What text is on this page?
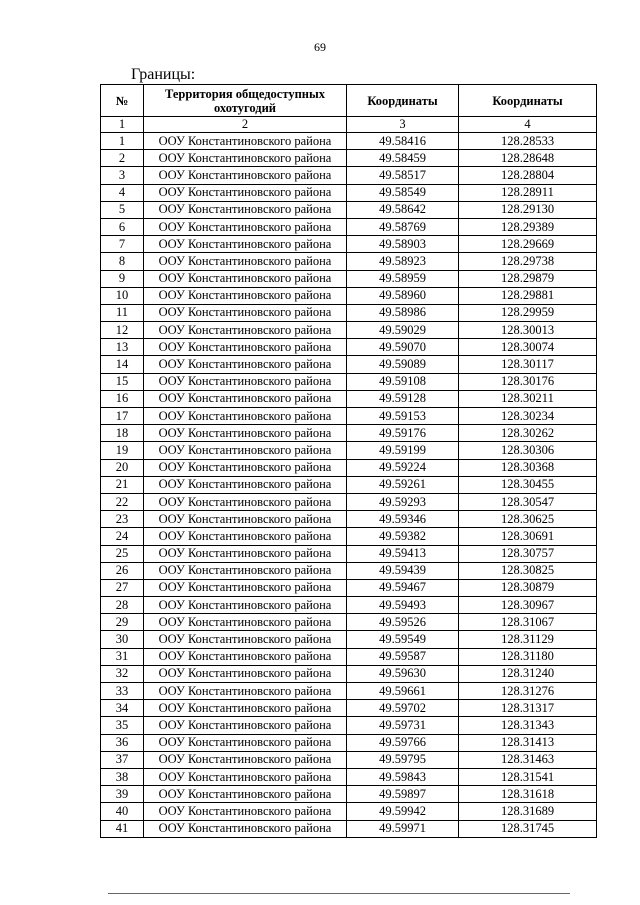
69
Границы:
№	Территория общедоступных охотугодий	Координаты	Координаты
1	2	3	4
1	ООУ Константиновского района	49.58416	128.28533
2	ООУ Константиновского района	49.58459	128.28648
3	ООУ Константиновского района	49.58517	128.28804
4	ООУ Константиновского района	49.58549	128.28911
5	ООУ Константиновского района	49.58642	128.29130
6	ООУ Константиновского района	49.58769	128.29389
7	ООУ Константиновского района	49.58903	128.29669
8	ООУ Константиновского района	49.58923	128.29738
9	ООУ Константиновского района	49.58959	128.29879
10	ООУ Константиновского района	49.58960	128.29881
11	ООУ Константиновского района	49.58986	128.29959
12	ООУ Константиновского района	49.59029	128.30013
13	ООУ Константиновского района	49.59070	128.30074
14	ООУ Константиновского района	49.59089	128.30117
15	ООУ Константиновского района	49.59108	128.30176
16	ООУ Константиновского района	49.59128	128.30211
17	ООУ Константиновского района	49.59153	128.30234
18	ООУ Константиновского района	49.59176	128.30262
19	ООУ Константиновского района	49.59199	128.30306
20	ООУ Константиновского района	49.59224	128.30368
21	ООУ Константиновского района	49.59261	128.30455
22	ООУ Константиновского района	49.59293	128.30547
23	ООУ Константиновского района	49.59346	128.30625
24	ООУ Константиновского района	49.59382	128.30691
25	ООУ Константиновского района	49.59413	128.30757
26	ООУ Константиновского района	49.59439	128.30825
27	ООУ Константиновского района	49.59467	128.30879
28	ООУ Константиновского района	49.59493	128.30967
29	ООУ Константиновского района	49.59526	128.31067
30	ООУ Константиновского района	49.59549	128.31129
31	ООУ Константиновского района	49.59587	128.31180
32	ООУ Константиновского района	49.59630	128.31240
33	ООУ Константиновского района	49.59661	128.31276
34	ООУ Константиновского района	49.59702	128.31317
35	ООУ Константиновского района	49.59731	128.31343
36	ООУ Константиновского района	49.59766	128.31413
37	ООУ Константиновского района	49.59795	128.31463
38	ООУ Константиновского района	49.59843	128.31541
39	ООУ Константиновского района	49.59897	128.31618
40	ООУ Константиновского района	49.59942	128.31689
41	ООУ Константиновского района	49.59971	128.31745
